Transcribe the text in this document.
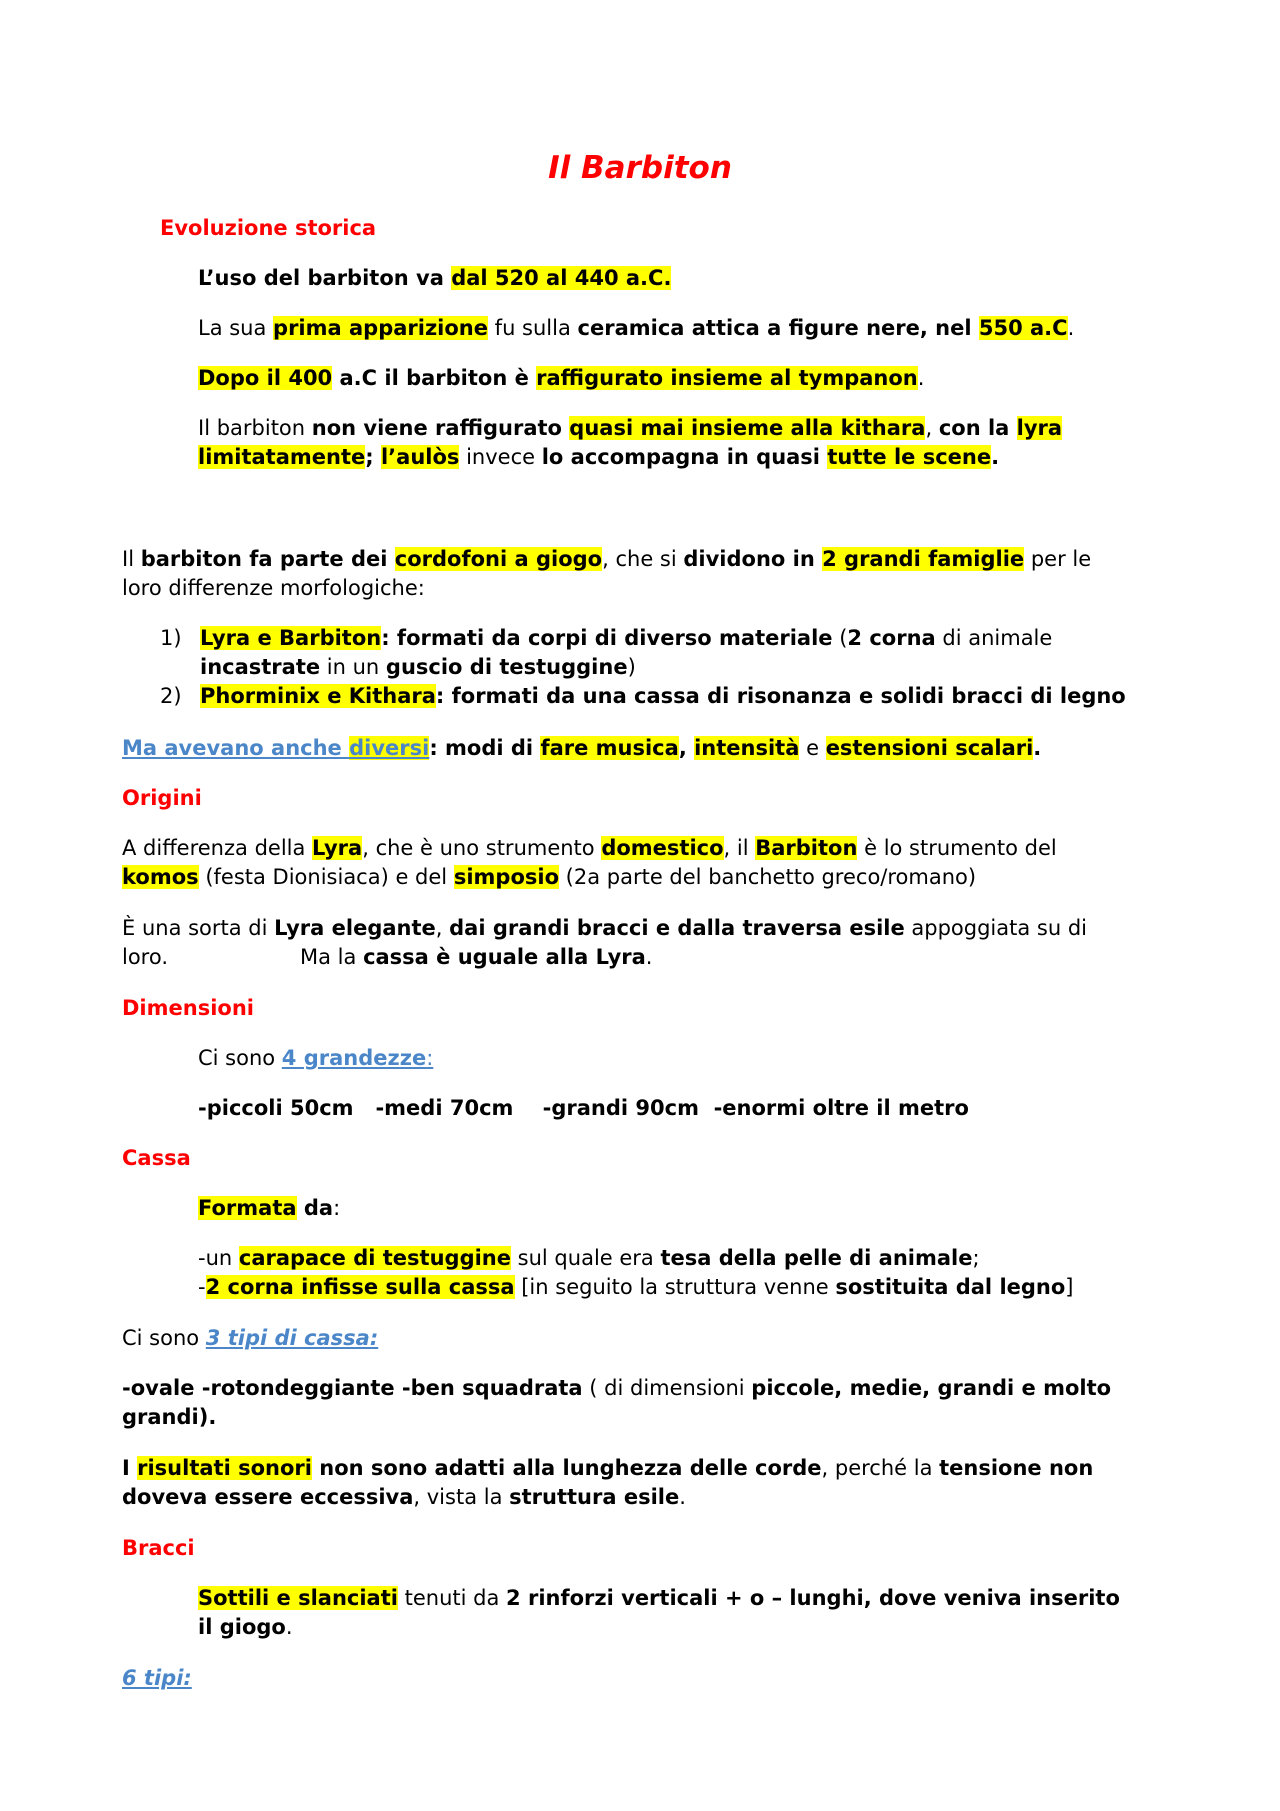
Il Barbiton
Evoluzione storica

L’uso del barbiton va dal 520 al 440 a.C.

La sua prima apparizione fu sulla ceramica attica a figure nere, nel 550 a.C.

Dopo il 400 a.C il barbiton è raffigurato insieme al tympanon.

Il barbiton non viene raffigurato quasi mai insieme alla kithara, con la lyra
limitatamente; l’aulòs invece lo accompagna in quasi tutte le scene.

Il barbiton fa parte dei cordofoni a giogo, che si dividono in 2 grandi famiglie per le
loro differenze morfologiche:

1) Lyra e Barbiton: formati da corpi di diverso materiale (2 corna di animale
incastrate in un guscio di testuggine)
2) Phorminix e Kithara: formati da una cassa di risonanza e solidi bracci di legno

Ma avevano anche diversi: modi di fare musica, intensità e estensioni scalari.

Origini

A differenza della Lyra, che è uno strumento domestico, il Barbiton è lo strumento del
komos (festa Dionisiaca) e del simposio (2a parte del banchetto greco/romano)

È una sorta di Lyra elegante, dai grandi bracci e dalla traversa esile appoggiata su di
loro.	Ma la cassa è uguale alla Lyra.

Dimensioni

Ci sono 4 grandezze:

-piccoli 50cm   -medi 70cm    -grandi 90cm  -enormi oltre il metro

Cassa

Formata da:

-un carapace di testuggine sul quale era tesa della pelle di animale;
-2 corna infisse sulla cassa [in seguito la struttura venne sostituita dal legno]

Ci sono 3 tipi di cassa:

-ovale -rotondeggiante -ben squadrata ( di dimensioni piccole, medie, grandi e molto
grandi).

I risultati sonori non sono adatti alla lunghezza delle corde, perché la tensione non
doveva essere eccessiva, vista la struttura esile.

Bracci

Sottili e slanciati tenuti da 2 rinforzi verticali + o – lunghi, dove veniva inserito
il giogo.

6 tipi:
